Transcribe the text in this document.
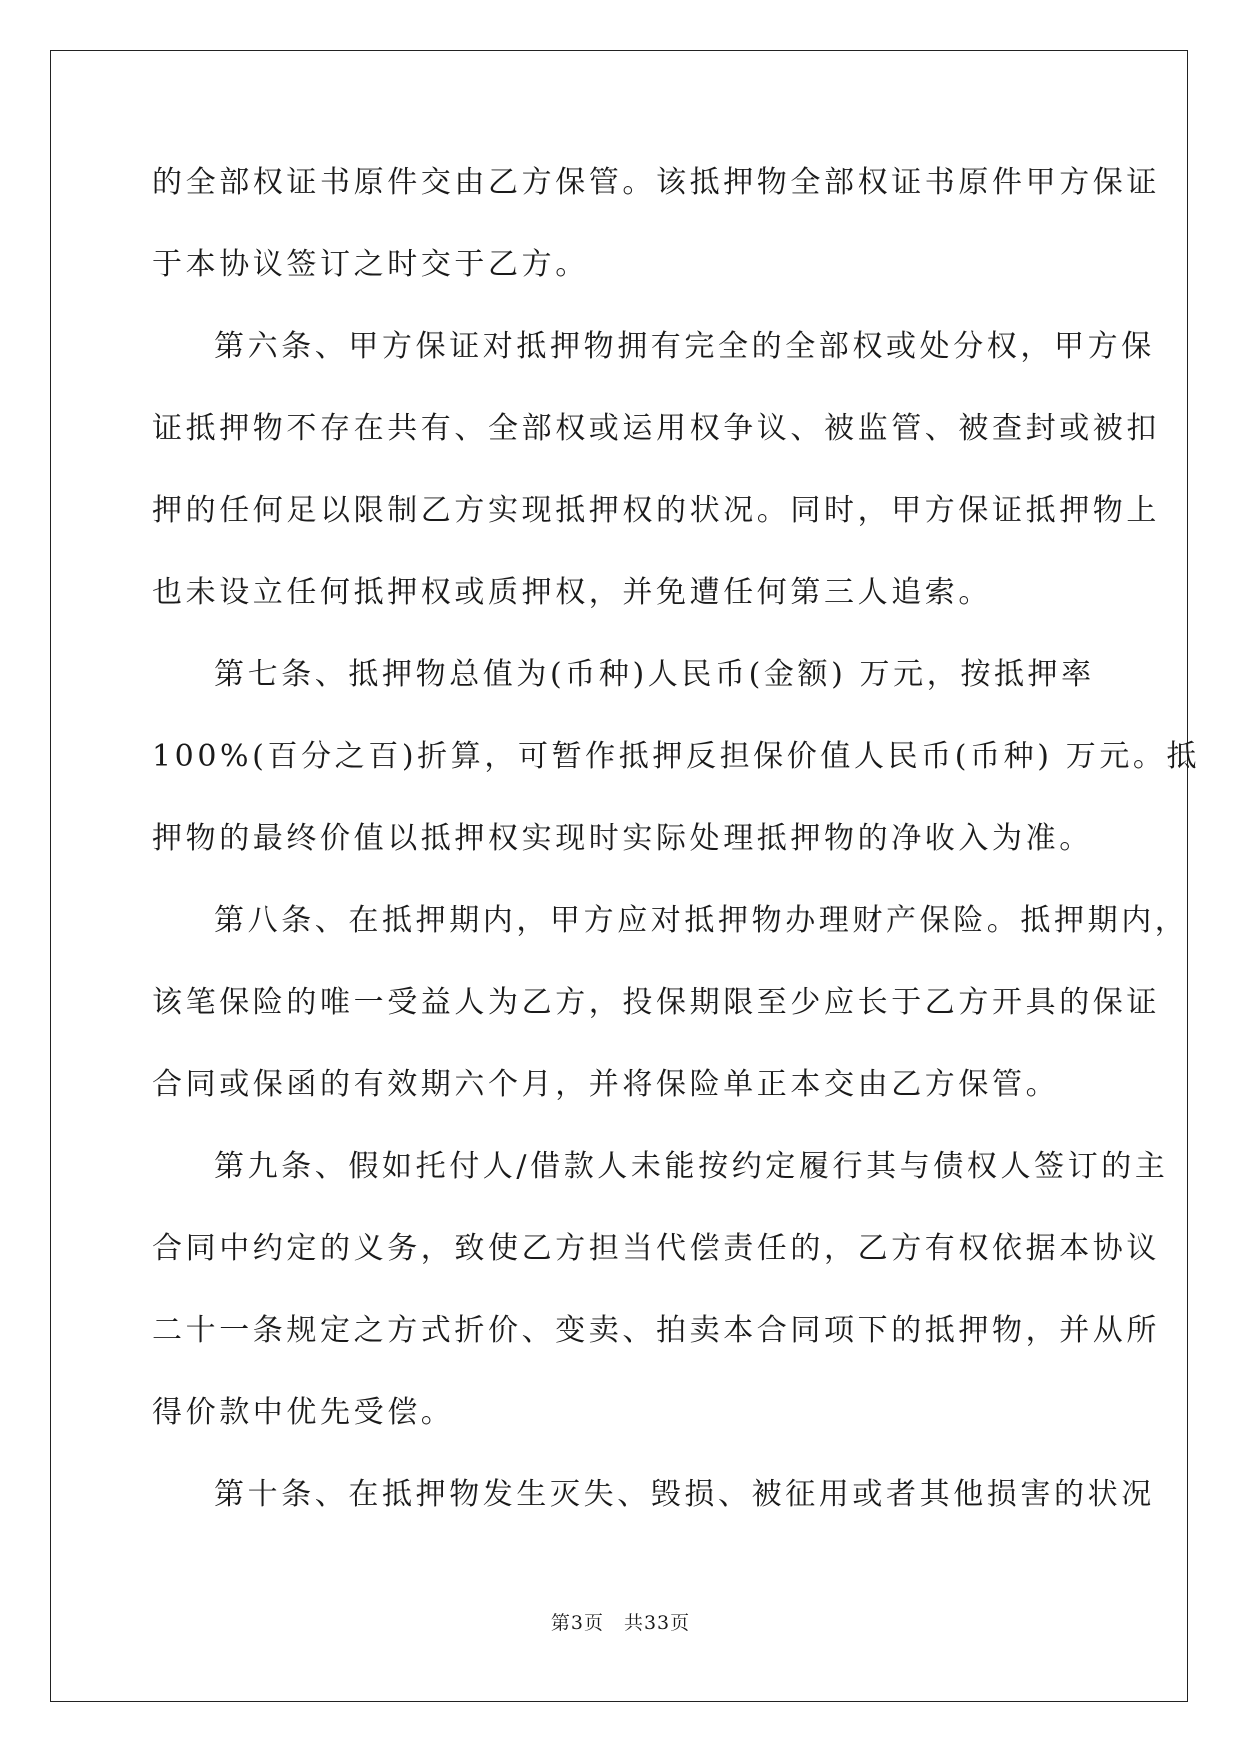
的全部权证书原件交由乙方保管。该抵押物全部权证书原件甲方保证
于本协议签订之时交于乙方。
第六条、甲方保证对抵押物拥有完全的全部权或处分权，甲方保
证抵押物不存在共有、全部权或运用权争议、被监管、被查封或被扣
押的任何足以限制乙方实现抵押权的状况。同时，甲方保证抵押物上
也未设立任何抵押权或质押权，并免遭任何第三人追索。
第七条、抵押物总值为(币种)人民币(金额) 万元，按抵押率
100%(百分之百)折算，可暂作抵押反担保价值人民币(币种) 万元。抵
押物的最终价值以抵押权实现时实际处理抵押物的净收入为准。
第八条、在抵押期内，甲方应对抵押物办理财产保险。抵押期内，
该笔保险的唯一受益人为乙方，投保期限至少应长于乙方开具的保证
合同或保函的有效期六个月，并将保险单正本交由乙方保管。
第九条、假如托付人/借款人未能按约定履行其与债权人签订的主
合同中约定的义务，致使乙方担当代偿责任的，乙方有权依据本协议
二十一条规定之方式折价、变卖、拍卖本合同项下的抵押物，并从所
得价款中优先受偿。
第十条、在抵押物发生灭失、毁损、被征用或者其他损害的状况
第3页　共33页
